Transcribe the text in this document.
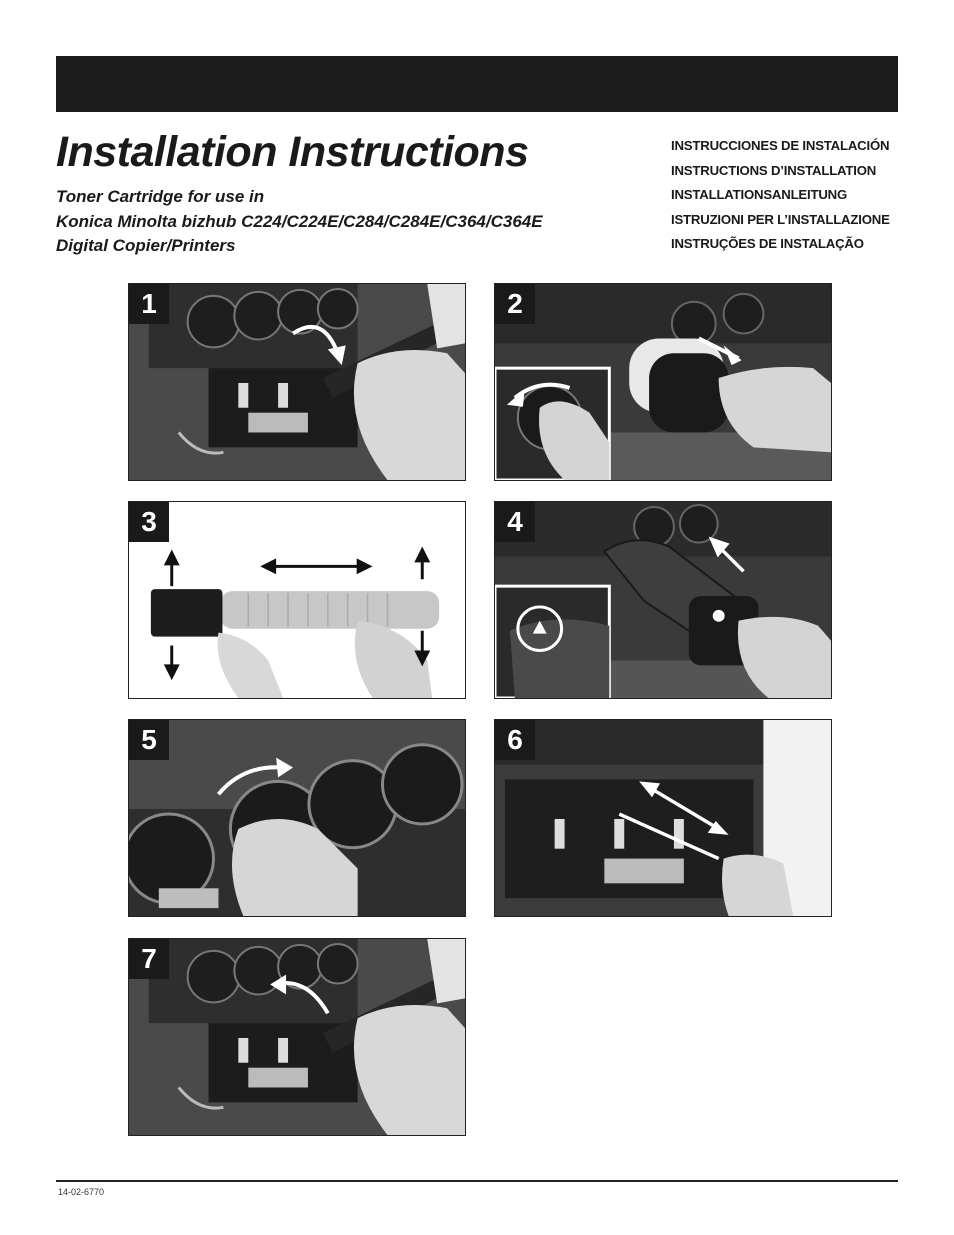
Installation Instructions
Toner Cartridge for use in
Konica Minolta bizhub C224/C224E/C284/C284E/C364/C364E
Digital Copier/Printers
INSTRUCCIONES DE INSTALACIÓN
INSTRUCTIONS D’INSTALLATION
INSTALLATIONSANLEITUNG
ISTRUZIONI PER L’INSTALLAZIONE
INSTRUÇÕES DE INSTALAÇÃO
1	2
3	4
5	6
7
14-02-6770
